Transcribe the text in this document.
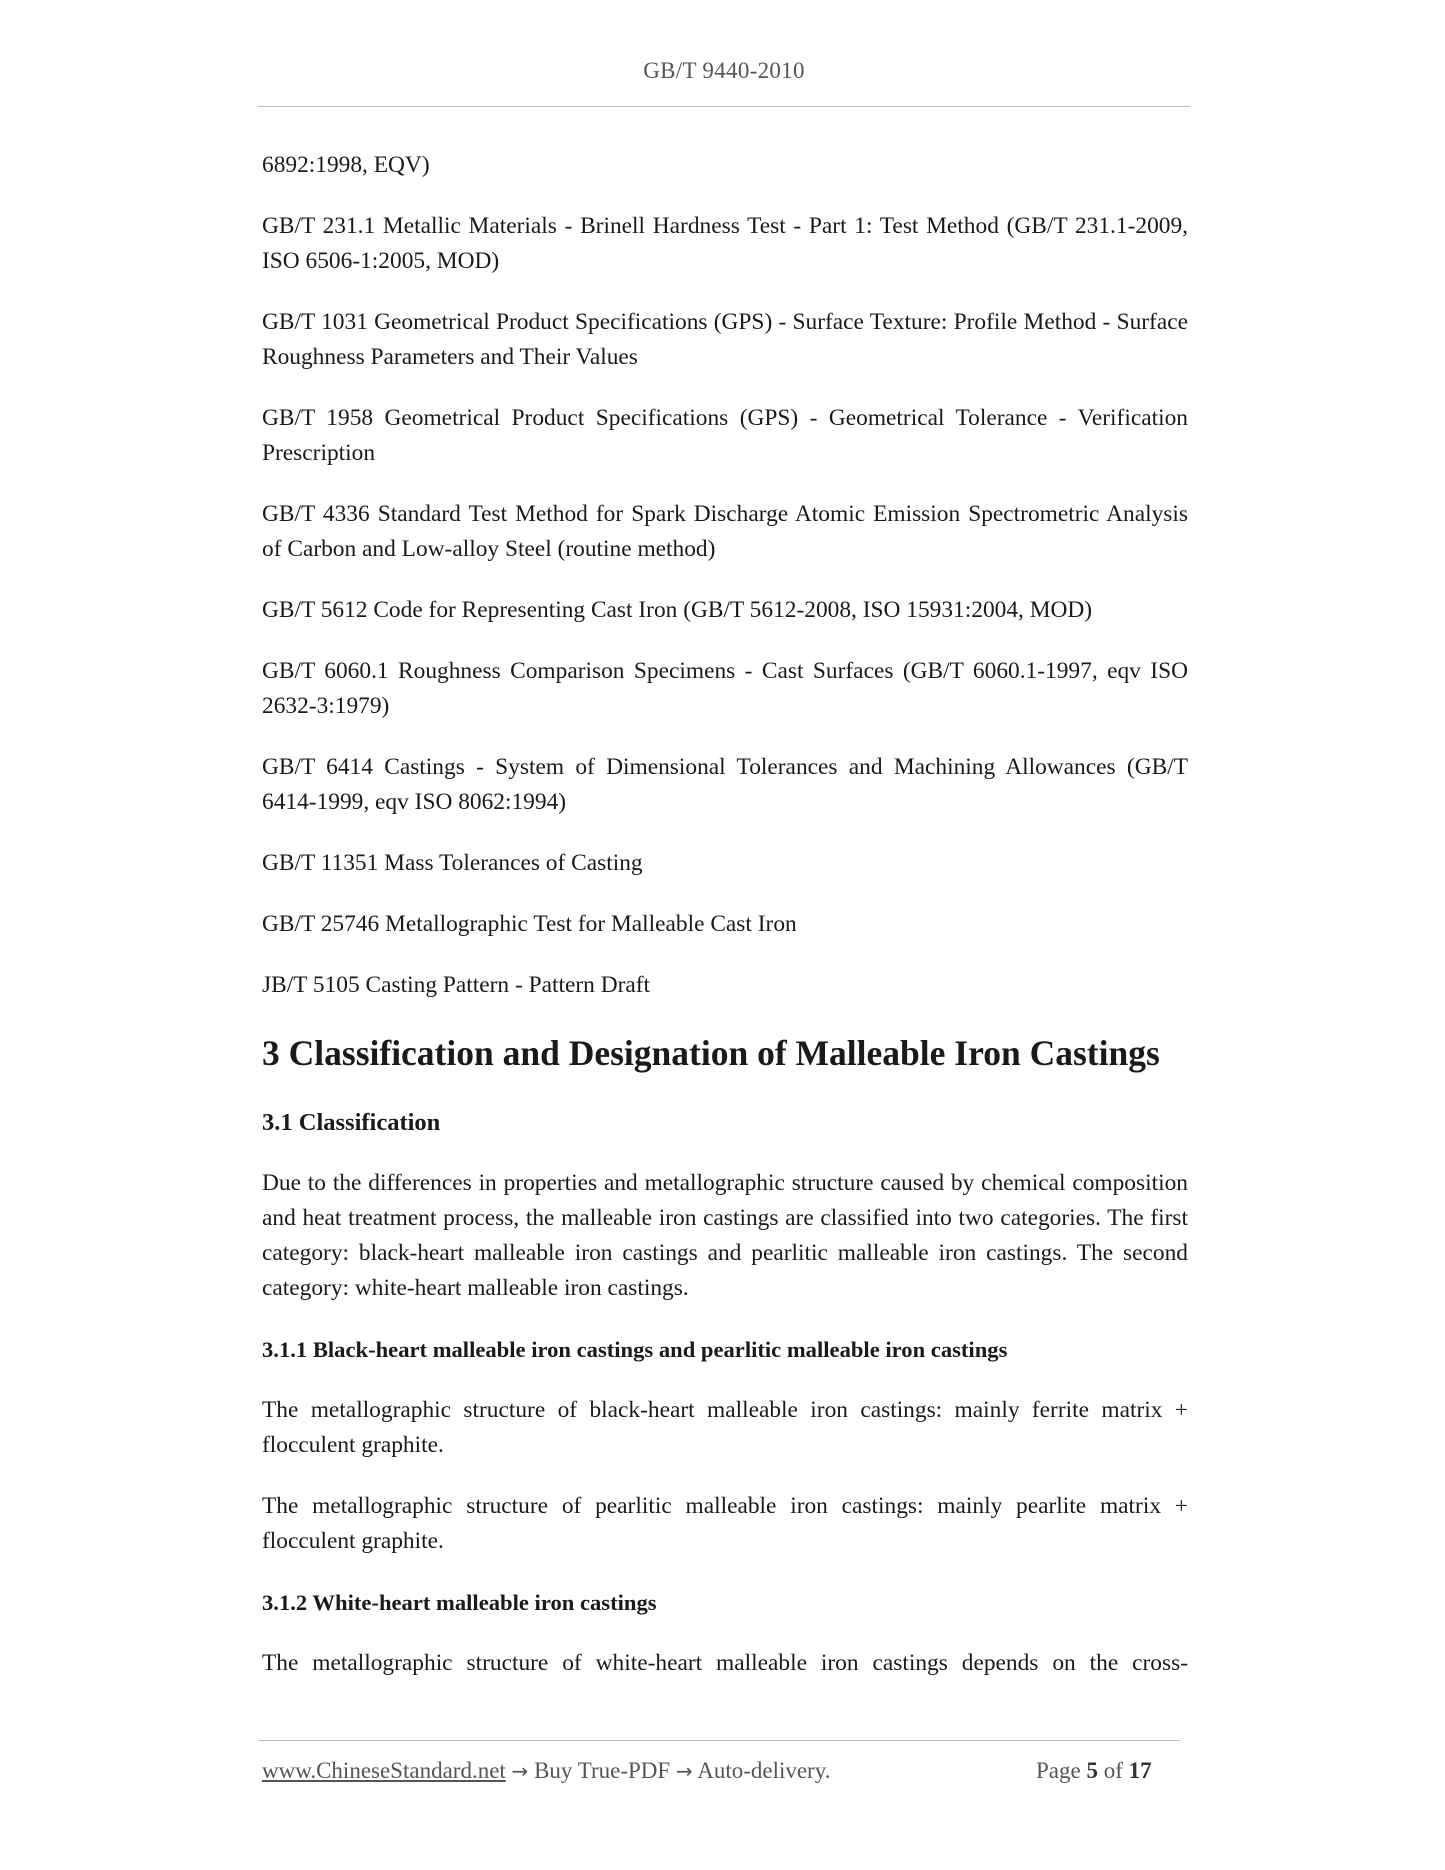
GB/T 9440-2010

6892:1998, EQV)

GB/T 231.1 Metallic Materials - Brinell Hardness Test - Part 1: Test Method (GB/T 231.1-2009, ISO 6506-1:2005, MOD)

GB/T 1031 Geometrical Product Specifications (GPS) - Surface Texture: Profile Method - Surface Roughness Parameters and Their Values

GB/T 1958 Geometrical Product Specifications (GPS) - Geometrical Tolerance - Verification Prescription

GB/T 4336 Standard Test Method for Spark Discharge Atomic Emission Spectrometric Analysis of Carbon and Low-alloy Steel (routine method)

GB/T 5612 Code for Representing Cast Iron (GB/T 5612-2008, ISO 15931:2004, MOD)

GB/T 6060.1 Roughness Comparison Specimens - Cast Surfaces (GB/T 6060.1-1997, eqv ISO 2632-3:1979)

GB/T 6414 Castings - System of Dimensional Tolerances and Machining Allowances (GB/T 6414-1999, eqv ISO 8062:1994)

GB/T 11351 Mass Tolerances of Casting

GB/T 25746 Metallographic Test for Malleable Cast Iron

JB/T 5105 Casting Pattern - Pattern Draft

3 Classification and Designation of Malleable Iron Castings
3.1 Classification

Due to the differences in properties and metallographic structure caused by chemical composition and heat treatment process, the malleable iron castings are classified into two categories. The first category: black-heart malleable iron castings and pearlitic malleable iron castings. The second category: white-heart malleable iron castings.

3.1.1 Black-heart malleable iron castings and pearlitic malleable iron castings

The metallographic structure of black-heart malleable iron castings: mainly ferrite matrix + flocculent graphite.

The metallographic structure of pearlitic malleable iron castings: mainly pearlite matrix + flocculent graphite.

3.1.2 White-heart malleable iron castings

The metallographic structure of white-heart malleable iron castings depends on the cross-

www.ChineseStandard.net → Buy True-PDF → Auto-delivery.	Page 5 of 17
